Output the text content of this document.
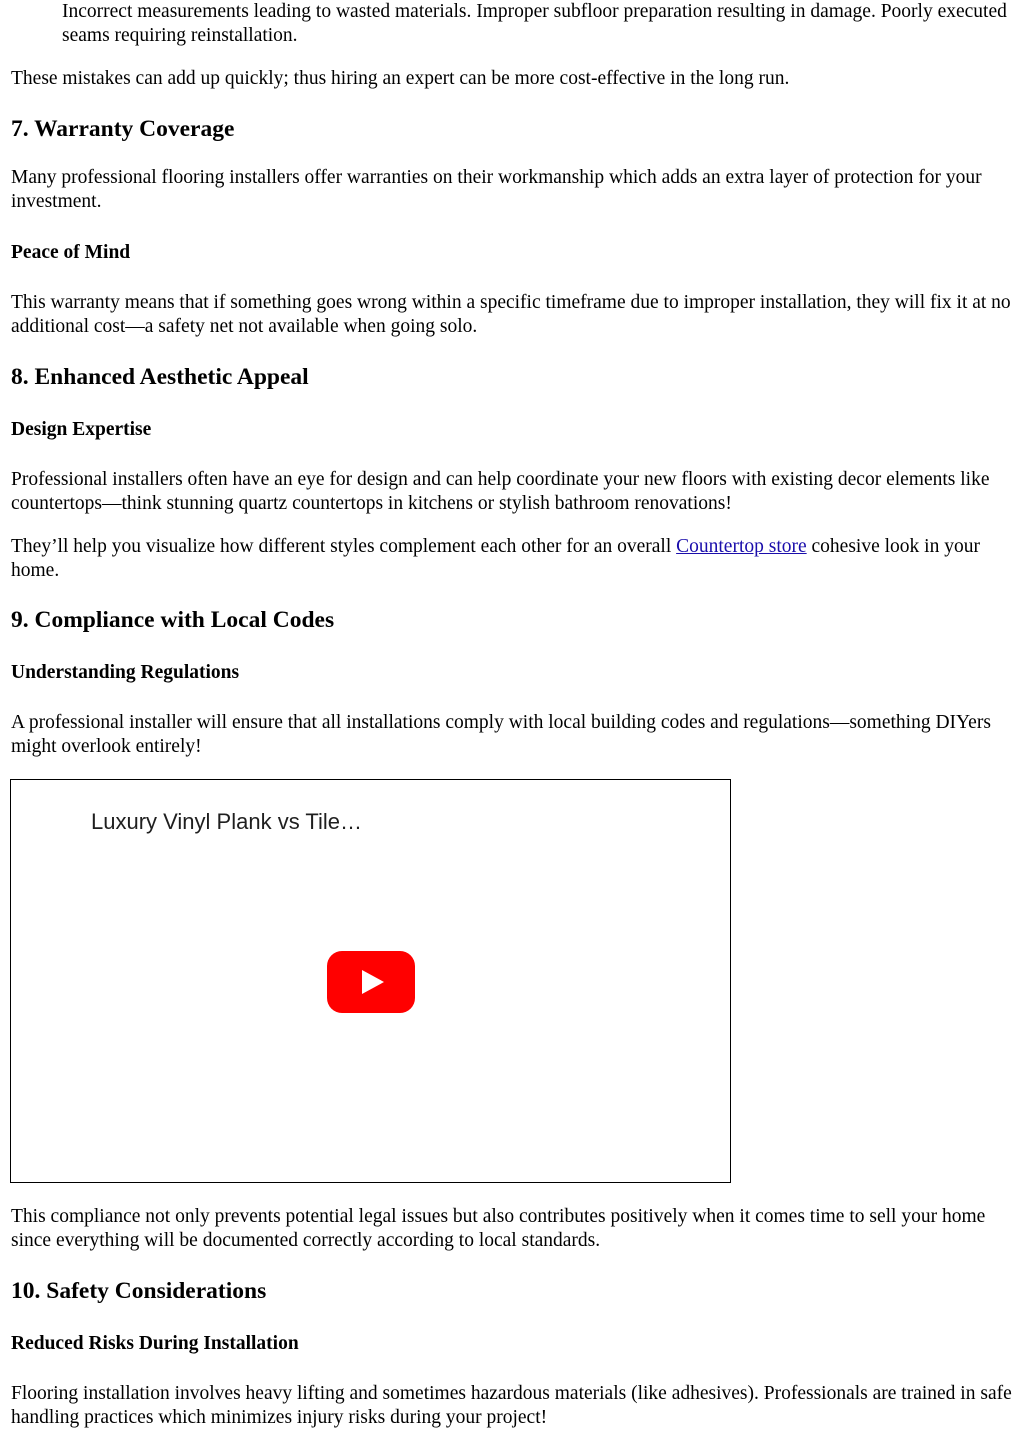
Incorrect measurements leading to wasted materials. Improper subfloor preparation resulting in damage. Poorly executed seams requiring reinstallation.

These mistakes can add up quickly; thus hiring an expert can be more cost-effective in the long run.

7. Warranty Coverage

Many professional flooring installers offer warranties on their workmanship which adds an extra layer of protection for your investment.

Peace of Mind

This warranty means that if something goes wrong within a specific timeframe due to improper installation, they will fix it at no additional cost—a safety net not available when going solo.

8. Enhanced Aesthetic Appeal
Design Expertise

Professional installers often have an eye for design and can help coordinate your new floors with existing decor elements like countertops—think stunning quartz countertops in kitchens or stylish bathroom renovations!

They’ll help you visualize how different styles complement each other for an overall Countertop store cohesive look in your home.

9. Compliance with Local Codes
Understanding Regulations

A professional installer will ensure that all installations comply with local building codes and regulations—something DIYers might overlook entirely!

Luxury Vinyl Plank vs Tile…

This compliance not only prevents potential legal issues but also contributes positively when it comes time to sell your home since everything will be documented correctly according to local standards.

10. Safety Considerations
Reduced Risks During Installation

Flooring installation involves heavy lifting and sometimes hazardous materials (like adhesives). Professionals are trained in safe handling practices which minimizes injury risks during your project!
